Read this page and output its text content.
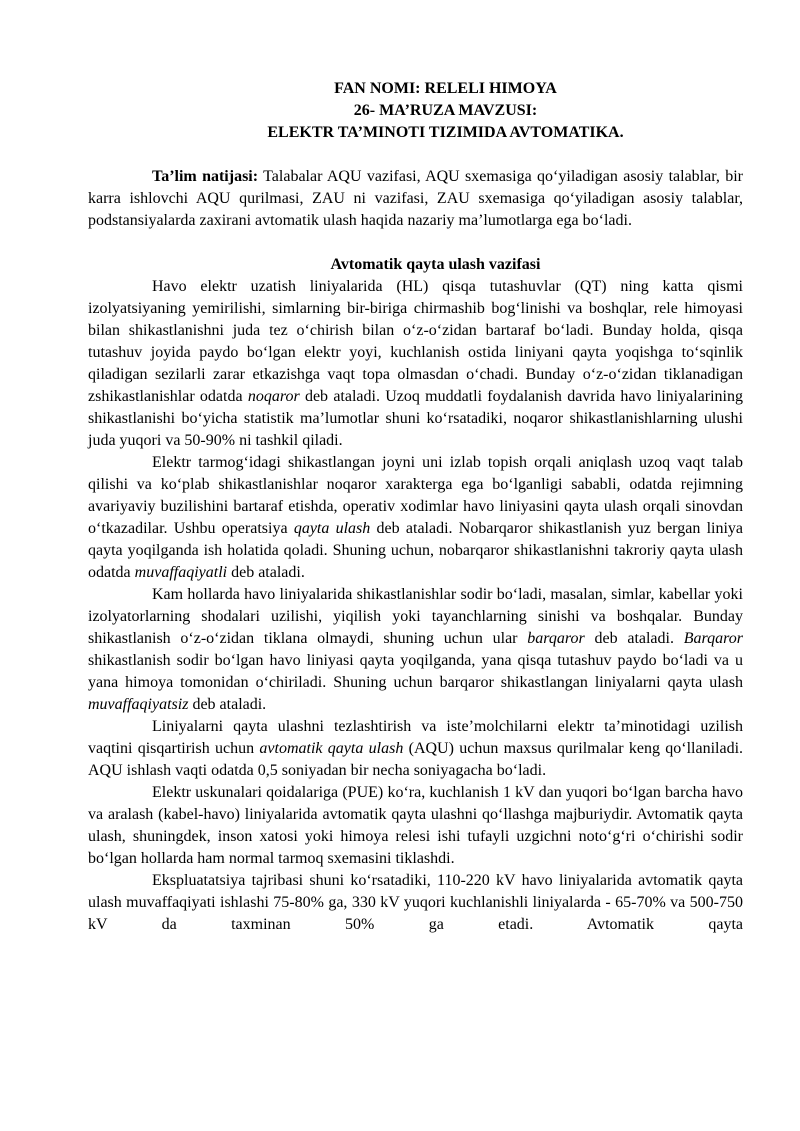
FAN NOMI: RELELI HIMOYA
26- MA’RUZA MAVZUSI:
ELEKTR TA’MINOTI TIZIMIDA AVTOMATIKA.

Ta’lim natijasi: Talabalar AQU vazifasi, AQU sxemasiga qo‘yiladigan asosiy talablar, bir karra ishlovchi AQU qurilmasi, ZAU ni vazifasi, ZAU sxemasiga qo‘yiladigan asosiy talablar, podstansiyalarda zaxirani avtomatik ulash haqida nazariy ma’lumotlarga ega bo‘ladi.

Avtomatik qayta ulash vazifasi

Havo elektr uzatish liniyalarida (HL) qisqa tutashuvlar (QT) ning katta qismi izolyatsiyaning yemirilishi, simlarning bir-biriga chirmashib bog‘linishi va boshqlar, rele himoyasi bilan shikastlanishni juda tez o‘chirish bilan o‘z-o‘zidan bartaraf bo‘ladi. Bunday holda, qisqa tutashuv joyida paydo bo‘lgan elektr yoyi, kuchlanish ostida liniyani qayta yoqishga to‘sqinlik qiladigan sezilarli zarar etkazishga vaqt topa olmasdan o‘chadi. Bunday o‘z-o‘zidan tiklanadigan zshikastlanishlar odatda noqaror deb ataladi. Uzoq muddatli foydalanish davrida havo liniyalarining shikastlanishi bo‘yicha statistik ma’lumotlar shuni ko‘rsatadiki, noqaror shikastlanishlarning ulushi juda yuqori va 50-90% ni tashkil qiladi.

Elektr tarmog‘idagi shikastlangan joyni uni izlab topish orqali aniqlash uzoq vaqt talab qilishi va ko‘plab shikastlanishlar noqaror xarakterga ega bo‘lganligi sababli, odatda rejimning avariyaviy buzilishini bartaraf etishda, operativ xodimlar havo liniyasini qayta ulash orqali sinovdan o‘tkazadilar. Ushbu operatsiya qayta ulash deb ataladi. Nobarqaror shikastlanish yuz bergan liniya qayta yoqilganda ish holatida qoladi. Shuning uchun, nobarqaror shikastlanishni takroriy qayta ulash odatda muvaffaqiyatli deb ataladi.

Kam hollarda havo liniyalarida shikastlanishlar sodir bo‘ladi, masalan, simlar, kabellar yoki izolyatorlarning shodalari uzilishi, yiqilish yoki tayanchlarning sinishi va boshqalar. Bunday shikastlanish o‘z-o‘zidan tiklana olmaydi, shuning uchun ular barqaror deb ataladi. Barqaror shikastlanish sodir bo‘lgan havo liniyasi qayta yoqilganda, yana qisqa tutashuv paydo bo‘ladi va u yana himoya tomonidan o‘chiriladi. Shuning uchun barqaror shikastlangan liniyalarni qayta ulash muvaffaqiyatsiz deb ataladi.

Liniyalarni qayta ulashni tezlashtirish va iste’molchilarni elektr ta’minotidagi uzilish vaqtini qisqartirish uchun avtomatik qayta ulash (AQU) uchun maxsus qurilmalar keng qo‘llaniladi. AQU ishlash vaqti odatda 0,5 soniyadan bir necha soniyagacha bo‘ladi.

Elektr uskunalari qoidalariga (PUE) ko‘ra, kuchlanish 1 kV dan yuqori bo‘lgan barcha havo va aralash (kabel-havo) liniyalarida avtomatik qayta ulashni qo‘llashga majburiydir. Avtomatik qayta ulash, shuningdek, inson xatosi yoki himoya relesi ishi tufayli uzgichni noto‘g‘ri o‘chirishi sodir bo‘lgan hollarda ham normal tarmoq sxemasini tiklashdi.

Ekspluatatsiya tajribasi shuni ko‘rsatadiki, 110-220 kV havo liniyalarida avtomatik qayta ulash muvaffaqiyati ishlashi 75-80% ga, 330 kV yuqori kuchlanishli liniyalarda - 65-70% va 500-750 kV da taxminan 50% ga etadi. Avtomatik qayta
